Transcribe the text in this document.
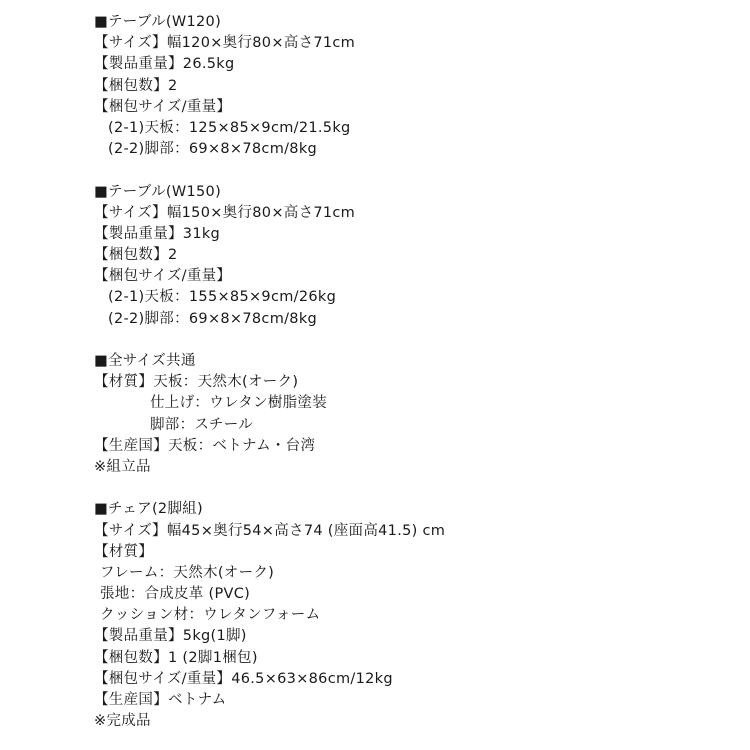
■テーブル(W120)
【サイズ】幅120×奥行80×高さ71cm
【製品重量】26.5kg
【梱包数】2
【梱包サイズ/重量】
(2-1)天板：125×85×9cm/21.5kg
(2-2)脚部：69×8×78cm/8kg
■テーブル(W150)
【サイズ】幅150×奥行80×高さ71cm
【製品重量】31kg
【梱包数】2
【梱包サイズ/重量】
(2-1)天板：155×85×9cm/26kg
(2-2)脚部：69×8×78cm/8kg
■全サイズ共通
【材質】天板：天然木(オーク)
仕上げ：ウレタン樹脂塗装
脚部：スチール
【生産国】天板：ベトナム・台湾
※組立品
■チェア(2脚組)
【サイズ】幅45×奥行54×高さ74 (座面高41.5) cm
【材質】
フレーム：天然木(オーク)
張地：合成皮革 (PVC)
クッション材：ウレタンフォーム
【製品重量】5kg(1脚)
【梱包数】1 (2脚1梱包)
【梱包サイズ/重量】46.5×63×86cm/12kg
【生産国】ベトナム
※完成品
